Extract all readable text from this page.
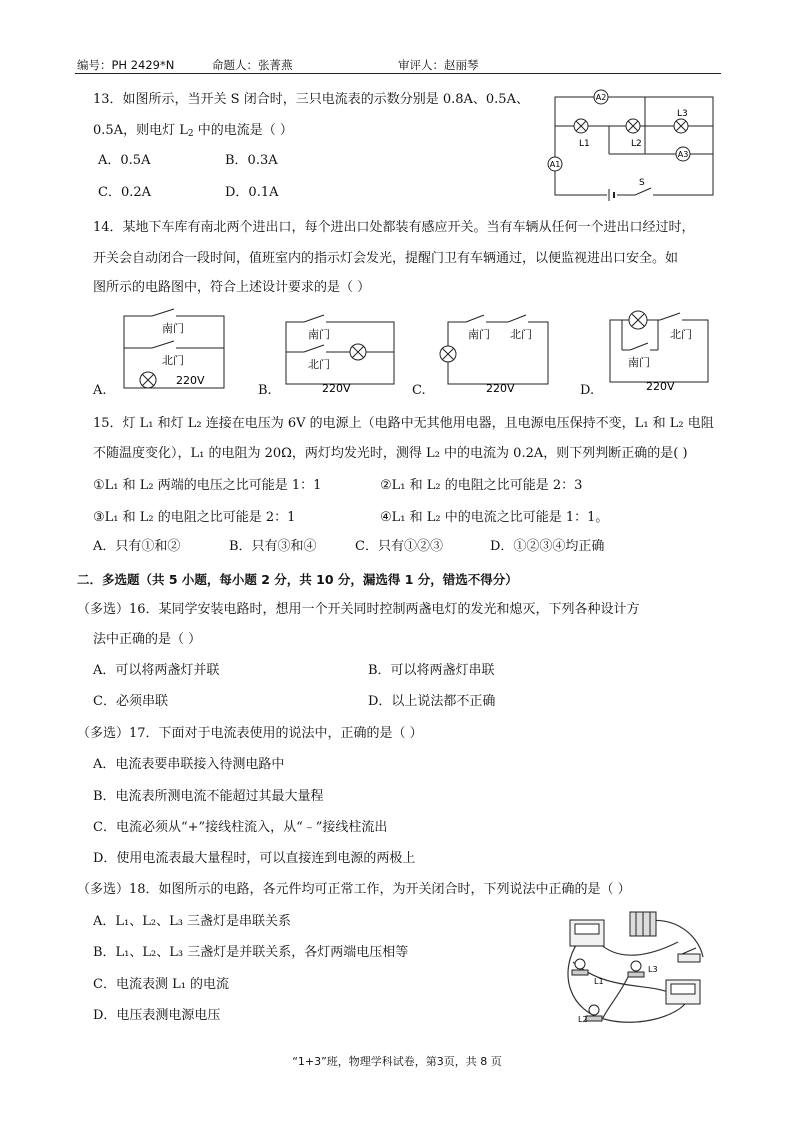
编号：PH 2429*N	命题人：张菁燕	审评人：赵丽琴
13．如图所示，当开关 S 闭合时，三只电流表的示数分别是 0.8A、0.5A、
0.5A，则电灯 $L_2$ 中的电流是（ ）
A．0.5A	B．0.3A
C．0.2A	D．0.1A
A2
L1	L2
L3
A3
A1
S
14．某地下车库有南北两个进出口，每个进出口处都装有感应开关。当有车辆从任何一个进出口经过时，
开关会自动闭合一段时间，值班室内的指示灯会发光，提醒门卫有车辆通过，以便监视进出口安全。如
图所示的电路图中，符合上述设计要求的是（ ）
A.
南门
北门
220V
B.
南门
北门
220V	C.
南门 北门
220V	D.
北门
南门
220V
15．灯 L₁ 和灯 L₂ 连接在电压为 6V 的电源上（电路中无其他用电器，且电源电压保持不变，L₁ 和 L₂ 电阻
不随温度变化），L₁ 的电阻为 20Ω，两灯均发光时，测得 L₂ 中的电流为 0.2A，则下列判断正确的是( )
①L₁ 和 L₂ 两端的电压之比可能是 1：1	②L₁ 和 L₂ 的电阻之比可能是 2：3
③L₁ 和 L₂ 的电阻之比可能是 2：1	④L₁ 和 L₂ 中的电流之比可能是 1：1。
A．只有①和②	B．只有③和④	C．只有①②③	D．①②③④均正确
二．多选题（共 5 小题，每小题 2 分，共 10 分，漏选得 1 分，错选不得分）
（多选）16．某同学安装电路时，想用一个开关同时控制两盏电灯的发光和熄灭，下列各种设计方
法中正确的是（ ）
A．可以将两盏灯并联	B．可以将两盏灯串联
C．必须串联	D．以上说法都不正确
（多选）17．下面对于电流表使用的说法中，正确的是（ ）
A．电流表要串联接入待测电路中
B．电流表所测电流不能超过其最大量程
C．电流必须从“+”接线柱流入，从“﹣”接线柱流出
D．使用电流表最大量程时，可以直接连到电源的两极上
（多选）18．如图所示的电路，各元件均可正常工作，为开关闭合时，下列说法中正确的是（ ）
A．L₁、L₂、L₃ 三盏灯是串联关系
B．L₁、L₂、L₃ 三盏灯是并联关系，各灯两端电压相等
C．电流表测 L₁ 的电流
D．电压表测电源电压
L1
L2
L3
“1+3”班，物理学科试卷，第3页，共 8 页
